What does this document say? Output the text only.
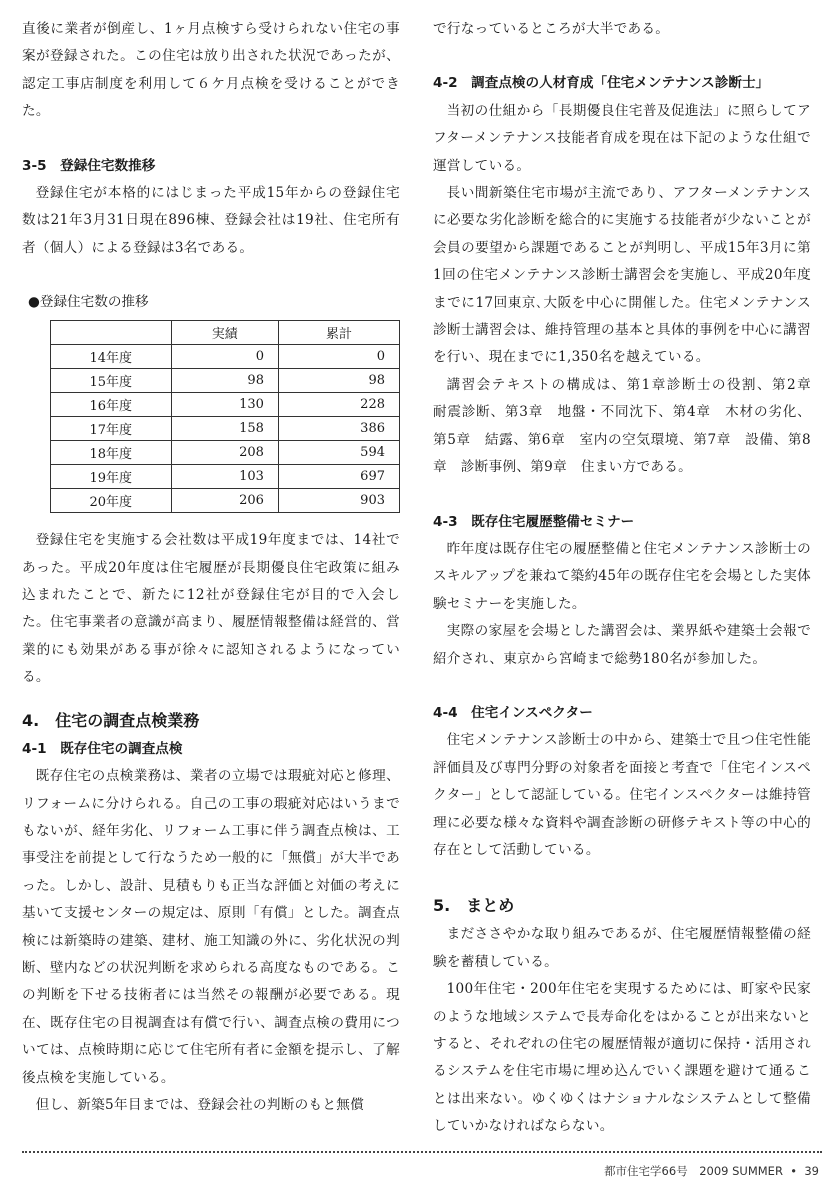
直後に業者が倒産し、1ヶ月点検すら受けられない住宅の事案が登録された。この住宅は放り出された状況であったが、認定工事店制度を利用して６ケ月点検を受けることができた。

3-5　登録住宅数推移

登録住宅が本格的にはじまった平成15年からの登録住宅数は21年3月31日現在896棟、登録会社は19社、住宅所有者（個人）による登録は3名である。

●登録住宅数の推移

	実績	累計
14年度	0	0
15年度	98	98
16年度	130	228
17年度	158	386
18年度	208	594
19年度	103	697
20年度	206	903

登録住宅を実施する会社数は平成19年度までは、14社であった。平成20年度は住宅履歴が長期優良住宅政策に組み込まれたことで、新たに12社が登録住宅が目的で入会した。住宅事業者の意識が高まり、履歴情報整備は経営的、営業的にも効果がある事が徐々に認知されるようになっている。

4.　住宅の調査点検業務

4-1　既存住宅の調査点検

既存住宅の点検業務は、業者の立場では瑕疵対応と修理、リフォームに分けられる。自己の工事の瑕疵対応はいうまでもないが、経年劣化、リフォーム工事に伴う調査点検は、工事受注を前提として行なうため一般的に「無償」が大半であった。しかし、設計、見積もりも正当な評価と対価の考えに基いて支援センターの規定は、原則「有償」とした。調査点検には新築時の建築、建材、施工知識の外に、劣化状況の判断、壁内などの状況判断を求められる高度なものである。この判断を下せる技術者には当然その報酬が必要である。現在、既存住宅の目視調査は有償で行い、調査点検の費用については、点検時期に応じて住宅所有者に金額を提示し、了解後点検を実施している。

但し、新築5年目までは、登録会社の判断のもと無償

で行なっているところが大半である。

4-2　調査点検の人材育成「住宅メンテナンス診断士」

当初の仕組から「長期優良住宅普及促進法」に照らしてアフターメンテナンス技能者育成を現在は下記のような仕組で運営している。

長い間新築住宅市場が主流であり、アフターメンテナンスに必要な劣化診断を総合的に実施する技能者が少ないことが会員の要望から課題であることが判明し、平成15年3月に第1回の住宅メンテナンス診断士講習会を実施し、平成20年度までに17回東京､大阪を中心に開催した。住宅メンテナンス診断士講習会は、維持管理の基本と具体的事例を中心に講習を行い、現在までに1,350名を越えている。

講習会テキストの構成は、第1章診断士の役割、第2章　耐震診断、第3章　地盤・不同沈下、第4章　木材の劣化、第5章　結露、第6章　室内の空気環境、第7章　設備、第8章　診断事例、第9章　住まい方である。

4-3　既存住宅履歴整備セミナー

昨年度は既存住宅の履歴整備と住宅メンテナンス診断士のスキルアップを兼ねて築約45年の既存住宅を会場とした実体験セミナーを実施した。

実際の家屋を会場とした講習会は、業界紙や建築士会報で紹介され、東京から宮崎まで総勢180名が参加した。

4-4　住宅インスペクター

住宅メンテナンス診断士の中から、建築士で且つ住宅性能評価員及び専門分野の対象者を面接と考査で「住宅インスペクター」として認証している。住宅インスペクターは維持管理に必要な様々な資料や調査診断の研修テキスト等の中心的存在として活動している。

5.　まとめ

まだささやかな取り組みであるが、住宅履歴情報整備の経験を蓄積している。

100年住宅・200年住宅を実現するためには、町家や民家のような地域システムで長寿命化をはかることが出来ないとすると、それぞれの住宅の履歴情報が適切に保持・活用されるシステムを住宅市場に埋め込んでいく課題を避けて通ることは出来ない。ゆくゆくはナショナルなシステムとして整備していかなければならない。

都市住宅学66号　2009 SUMMER  •  39
